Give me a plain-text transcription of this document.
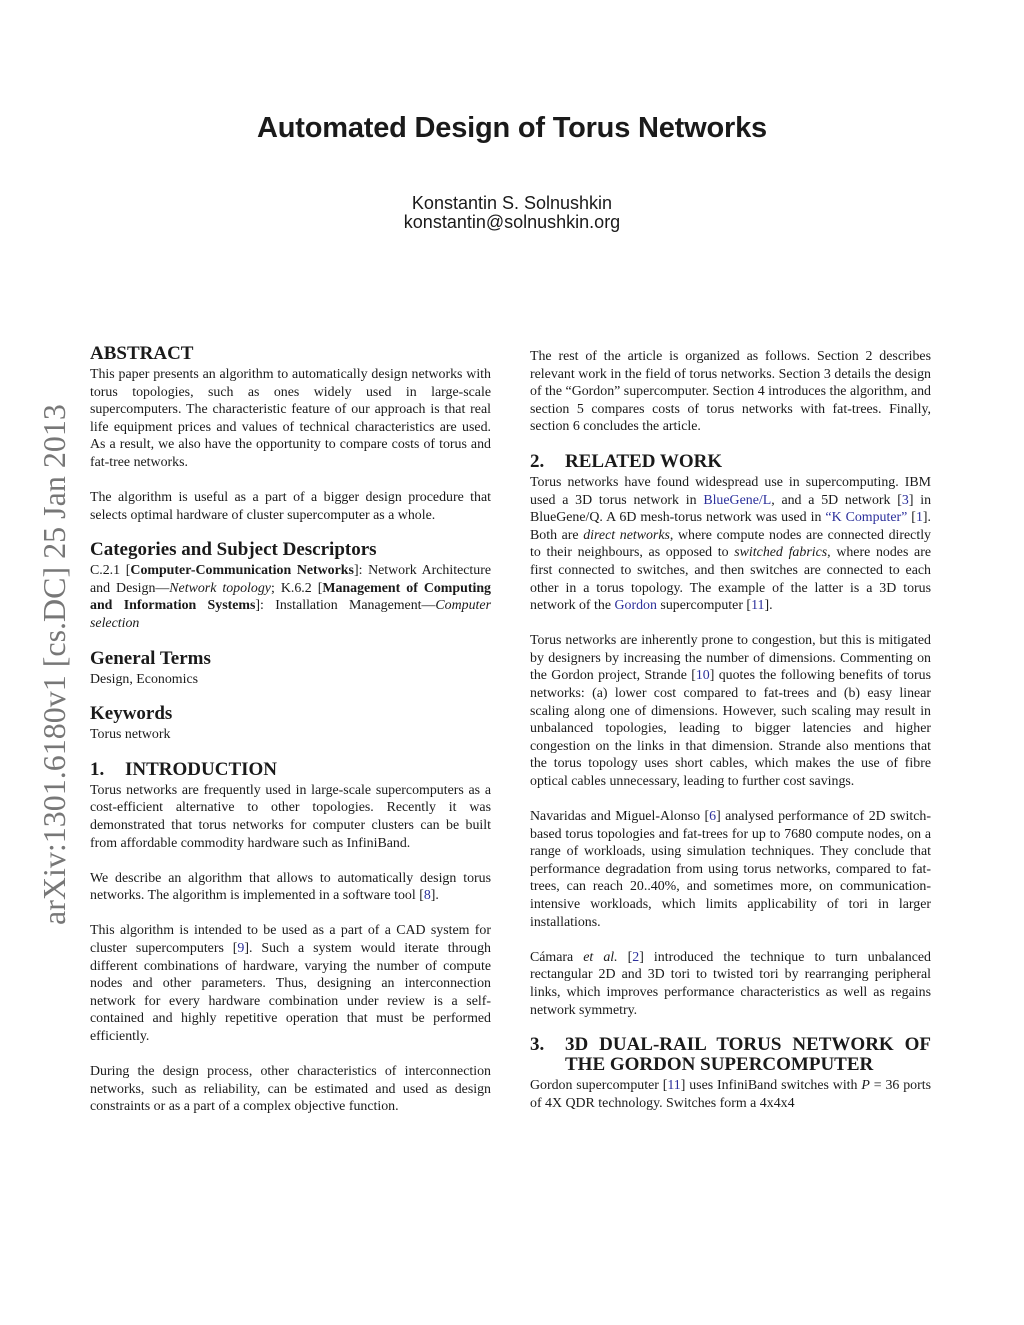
Automated Design of Torus Networks
Konstantin S. Solnushkin
konstantin@solnushkin.org
arXiv:1301.6180v1 [cs.DC] 25 Jan 2013
ABSTRACT

This paper presents an algorithm to automatically design networks with torus topologies, such as ones widely used in large-scale supercomputers. The characteristic feature of our approach is that real life equipment prices and values of technical characteristics are used. As a result, we also have the opportunity to compare costs of torus and fat-tree networks.

The algorithm is useful as a part of a bigger design procedure that selects optimal hardware of cluster supercomputer as a whole.

Categories and Subject Descriptors

C.2.1 [Computer-Communication Networks]: Network Architecture and Design—Network topology; K.6.2 [Management of Computing and Information Systems]: Installation Management—Computer selection

General Terms

Design, Economics

Keywords

Torus network

1.	INTRODUCTION

Torus networks are frequently used in large-scale supercomputers as a cost-efficient alternative to other topologies. Recently it was demonstrated that torus networks for computer clusters can be built from affordable commodity hardware such as InfiniBand.

We describe an algorithm that allows to automatically design torus networks. The algorithm is implemented in a software tool [8].

This algorithm is intended to be used as a part of a CAD system for cluster supercomputers [9]. Such a system would iterate through different combinations of hardware, varying the number of compute nodes and other parameters. Thus, designing an interconnection network for every hardware combination under review is a self-contained and highly repetitive operation that must be performed efficiently.

During the design process, other characteristics of interconnection networks, such as reliability, can be estimated and used as design constraints or as a part of a complex objective function.

The rest of the article is organized as follows. Section 2 describes relevant work in the field of torus networks. Section 3 details the design of the “Gordon” supercomputer. Section 4 introduces the algorithm, and section 5 compares costs of torus networks with fat-trees. Finally, section 6 concludes the article.

2.	RELATED WORK

Torus networks have found widespread use in supercomputing. IBM used a 3D torus network in BlueGene/L, and a 5D network [3] in BlueGene/Q. A 6D mesh-torus network was used in “K Computer” [1]. Both are direct networks, where compute nodes are connected directly to their neighbours, as opposed to switched fabrics, where nodes are first connected to switches, and then switches are connected to each other in a torus topology. The example of the latter is a 3D torus network of the Gordon supercomputer [11].

Torus networks are inherently prone to congestion, but this is mitigated by designers by increasing the number of dimensions. Commenting on the Gordon project, Strande [10] quotes the following benefits of torus networks: (a) lower cost compared to fat-trees and (b) easy linear scaling along one of dimensions. However, such scaling may result in unbalanced topologies, leading to bigger latencies and higher congestion on the links in that dimension. Strande also mentions that the torus topology uses short cables, which makes the use of fibre optical cables unnecessary, leading to further cost savings.

Navaridas and Miguel-Alonso [6] analysed performance of 2D switch-based torus topologies and fat-trees for up to 7680 compute nodes, on a range of workloads, using simulation techniques. They conclude that performance degradation from using torus networks, compared to fat-trees, can reach 20..40%, and sometimes more, on communication-intensive workloads, which limits applicability of tori in larger installations.

Cámara et al. [2] introduced the technique to turn unbalanced rectangular 2D and 3D tori to twisted tori by rearranging peripheral links, which improves performance characteristics as well as regains network symmetry.

3.	3D DUAL-RAIL TORUS NETWORK OF THE GORDON SUPERCOMPUTER

Gordon supercomputer [11] uses InfiniBand switches with P = 36 ports of 4X QDR technology. Switches form a 4x4x4
